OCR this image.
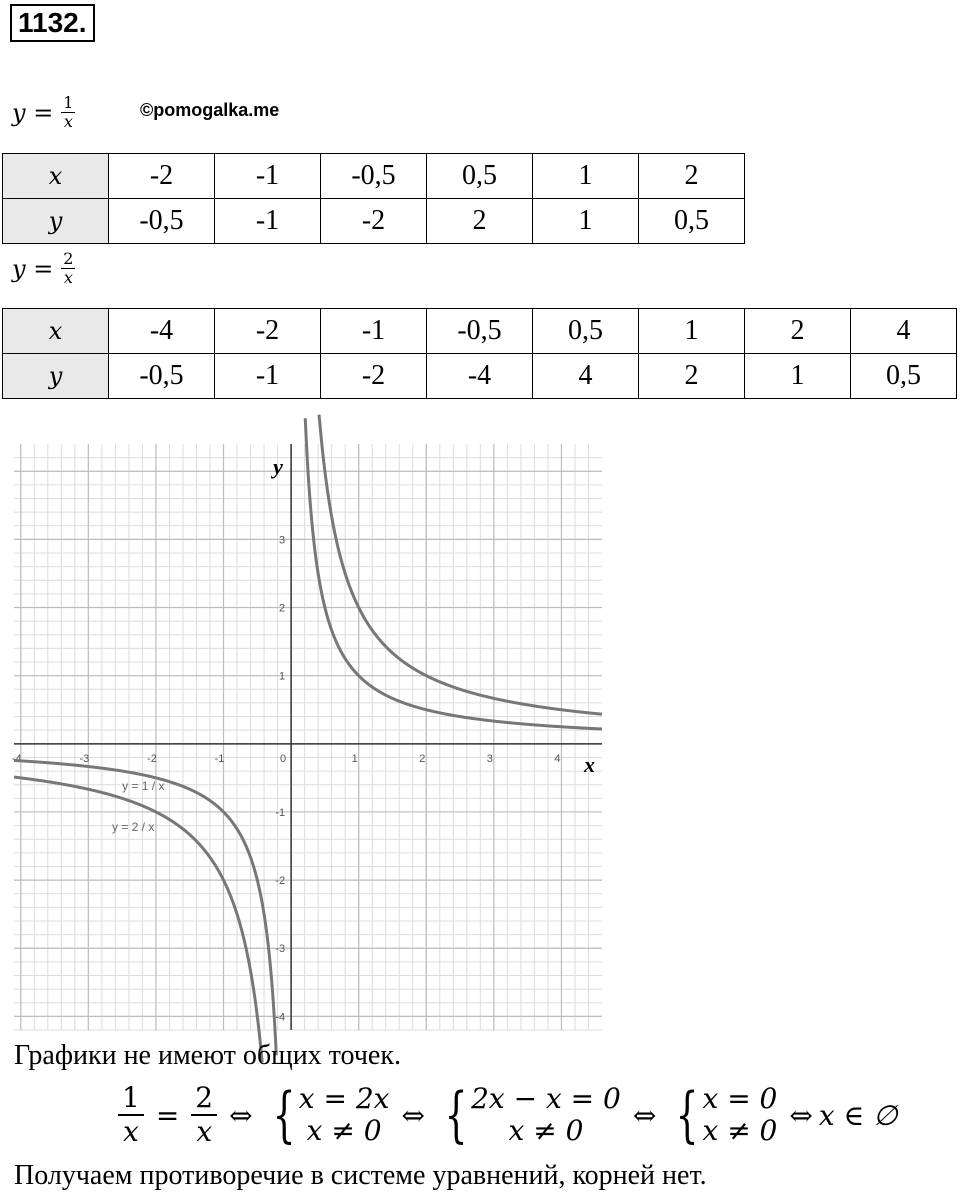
1132.
$y = \frac{1}{x}$	©pomogalka.me
x	-2	-1	-0,5	0,5	1	2
y	-0,5	-1	-2	2	1	0,5
$y = \frac{2}{x}$
x	-4	-2	-1	-0,5	0,5	1	2	4
y	-0,5	-1	-2	-4	4	2	1	0,5
-4	-3	-2	-1	0	1	2	3	4
3
2
1
-1
-2
-3
-4
x
y
y = 1 / x
y = 2 / x
Графики не имеют общих точек.
$\frac{1}{x} = \frac{2}{x}$ ⇔ { x = 2x
x ≠ 0 ⇔ { 2x − x = 0
x ≠ 0	⇔ { x = 0
x ≠ 0 ⇔ x ∈ ∅
Получаем противоречие в системе уравнений, корней нет.
